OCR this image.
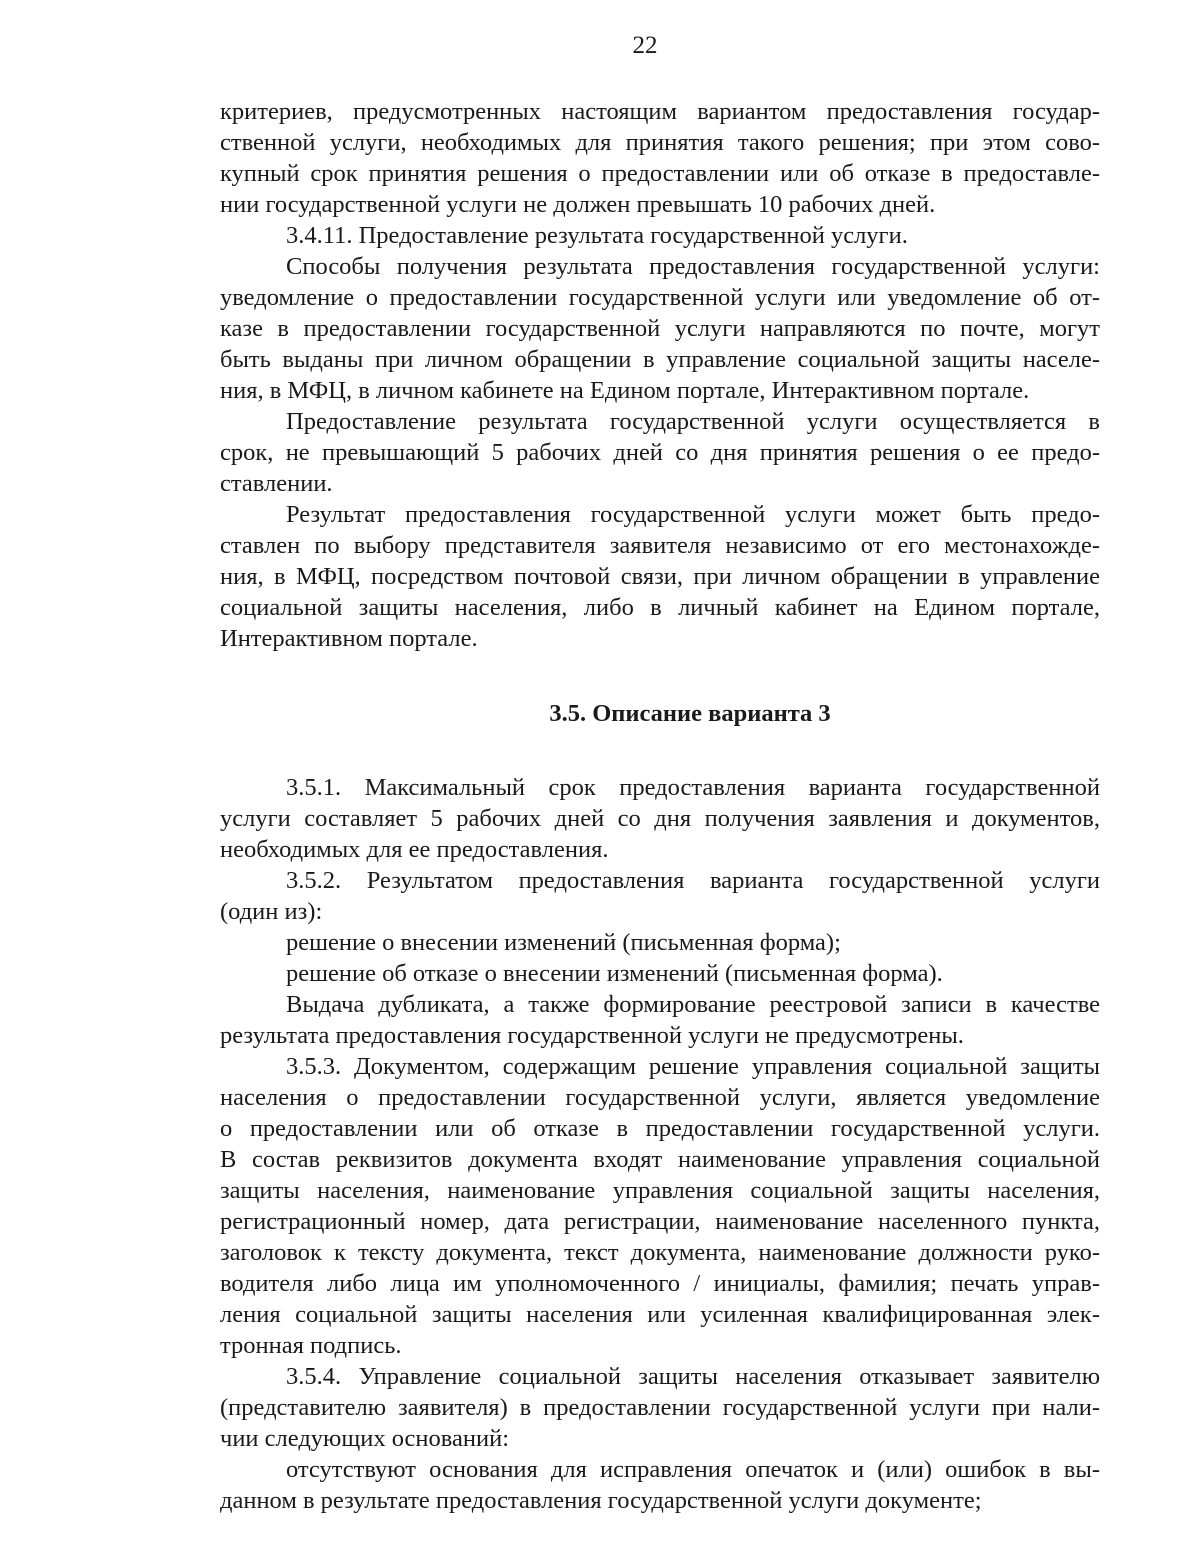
22
критериев, предусмотренных настоящим вариантом предоставления государ-
ственной услуги, необходимых для принятия такого решения; при этом сово-
купный срок принятия решения о предоставлении или об отказе в предоставле-
нии государственной услуги не должен превышать 10 рабочих дней.
3.4.11. Предоставление результата государственной услуги.
Способы получения результата предоставления государственной услуги:
уведомление о предоставлении государственной услуги или уведомление об от-
казе в предоставлении государственной услуги направляются по почте, могут
быть выданы при личном обращении в управление социальной защиты населе-
ния, в МФЦ, в личном кабинете на Едином портале, Интерактивном портале.
Предоставление результата государственной услуги осуществляется в
срок, не превышающий 5 рабочих дней со дня принятия решения о ее предо-
ставлении.
Результат предоставления государственной услуги может быть предо-
ставлен по выбору представителя заявителя независимо от его местонахожде-
ния, в МФЦ, посредством почтовой связи, при личном обращении в управление
социальной защиты населения, либо в личный кабинет на Едином портале,
Интерактивном портале.
3.5. Описание варианта 3
3.5.1. Максимальный срок предоставления варианта государственной
услуги составляет 5 рабочих дней со дня получения заявления и документов,
необходимых для ее предоставления.
3.5.2. Результатом предоставления варианта государственной услуги
(один из):
решение о внесении изменений (письменная форма);
решение об отказе о внесении изменений (письменная форма).
Выдача дубликата, а также формирование реестровой записи в качестве
результата предоставления государственной услуги не предусмотрены.
3.5.3. Документом, содержащим решение управления социальной защиты
населения о предоставлении государственной услуги, является уведомление
о предоставлении или об отказе в предоставлении государственной услуги.
В состав реквизитов документа входят наименование управления социальной
защиты населения, наименование управления социальной защиты населения,
регистрационный номер, дата регистрации, наименование населенного пункта,
заголовок к тексту документа, текст документа, наименование должности руко-
водителя либо лица им уполномоченного / инициалы, фамилия; печать управ-
ления социальной защиты населения или усиленная квалифицированная элек-
тронная подпись.
3.5.4. Управление социальной защиты населения отказывает заявителю
(представителю заявителя) в предоставлении государственной услуги при нали-
чии следующих оснований:
отсутствуют основания для исправления опечаток и (или) ошибок в вы-
данном в результате предоставления государственной услуги документе;
